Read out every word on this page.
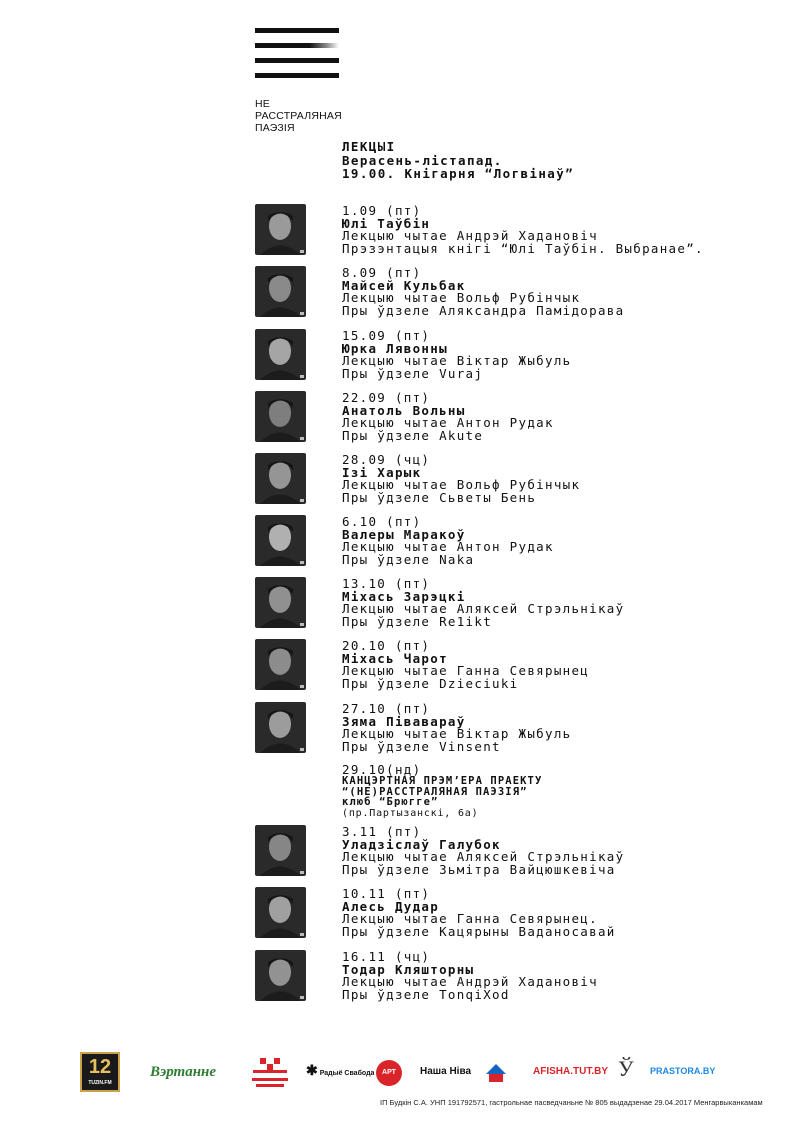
НЕ
РАССТРАЛЯНАЯ
ПАЭЗІЯ
ЛЕКЦЫІ
Верасень-лістапад.
19.00. Кнігарня “Логвінаў”
1.09 (пт)
Юлі Таўбін
Лекцыю чытае Андрэй Хадановіч
Прэзэнтацыя кнігі “Юлі Таўбін. Выбранае”.
8.09 (пт)
Майсей Кульбак
Лекцыю чытае Вольф Рубінчык
Пры ўдзеле Аляксандра Памідорава
15.09 (пт)
Юрка Лявонны
Лекцыю чытае Віктар Жыбуль
Пры ўдзеле Vuraj
22.09 (пт)
Анатоль Вольны
Лекцыю чытае Антон Рудак
Пры ўдзеле Akute
28.09 (чц)
Ізі Харык
Лекцыю чытае Вольф Рубінчык
Пры ўдзеле Сьветы Бень
6.10 (пт)
Валеры Маракоў
Лекцыю чытае Антон Рудак
Пры ўдзеле Naka
13.10 (пт)
Міхась Зарэцкі
Лекцыю чытае Аляксей Стрэльнікаў
Пры ўдзеле Re1ikt
20.10 (пт)
Міхась Чарот
Лекцыю чытае Ганна Севярынец
Пры ўдзеле Dzieciuki
27.10 (пт)
Зяма Півавараў
Лекцыю чытае Віктар Жыбуль
Пры ўдзеле Vinsent
3.11 (пт)
Уладзіслаў Галубок
Лекцыю чытае Аляксей Стрэльнікаў
Пры ўдзеле Зьмітра Вайцюшкевіча
10.11 (пт)
Алесь Дудар
Лекцыю чытае Ганна Севярынец.
Пры ўдзеле Кацярыны Ваданосавай
16.11 (чц)
Тодар Кляшторны
Лекцыю чытае Андрэй Хадановіч
Пры ўдзеле TonqiXod
29.10(нд)
КАНЦЭРТНАЯ ПРЭМ’ЕРА ПРАЕКТУ
“(НЕ)РАССТРАЛЯНАЯ ПАЭЗІЯ”
клюб “Брюгге”
(пр.Партызанскі, 6а)
12
TUZIN.FM
Вэртанне	✱ Радыё Свабода	АРТ	Наша Ніва	AFISHA.TUT.BY Ў PRASTORA.BY
ІП Будкін С.А. УНП 191792571, гастрольнае пасведчаньне № 805 выдадзенае 29.04.2017 Менгарвыканкамам
